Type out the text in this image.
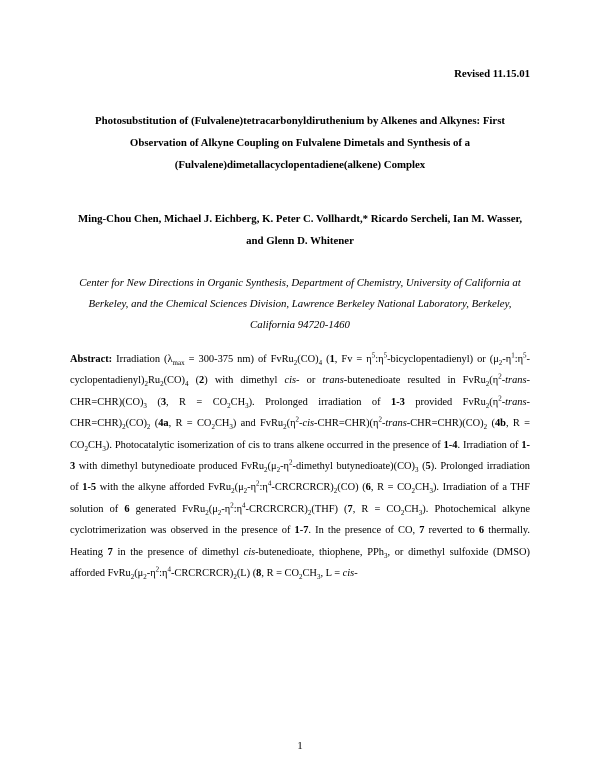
Revised 11.15.01
Photosubstitution of (Fulvalene)tetracarbonyldiruthenium by Alkenes and Alkynes: First Observation of Alkyne Coupling on Fulvalene Dimetals and Synthesis of a (Fulvalene)dimetallacyclopentadiene(alkene) Complex
Ming-Chou Chen, Michael J. Eichberg, K. Peter C. Vollhardt,* Ricardo Sercheli, Ian M. Wasser, and Glenn D. Whitener
Center for New Directions in Organic Synthesis, Department of Chemistry, University of California at Berkeley, and the Chemical Sciences Division, Lawrence Berkeley National Laboratory, Berkeley, California 94720-1460
Abstract: Irradiation ($\lambda_{max} = 300-375$ nm) of $FvRu_2(CO)_4$ (1, $Fv = \eta^5:\eta^5-bicyclopentadienyl$) or $(\mu_2-\eta^1:\eta^5-cyclopentadienyl)_2Ru_2(CO)_4$ (2) with dimethyl cis- or trans-butenedioate resulted in $FvRu_2(\eta^2-trans-CHR=CHR)(CO)_3$ (3, $R = CO_2CH_3$). Prolonged irradiation of 1-3 provided $FvRu_2(\eta^2-trans-CHR=CHR)_2(CO)_2$ (4a, $R = CO_2CH_3$) and $FvRu_2(\eta^2-cis-CHR=CHR)(\eta^2-trans-CHR=CHR)(CO)_2$ (4b, $R = CO_2CH_3$). Photocatalytic isomerization of cis to trans alkene occurred in the presence of 1-4. Irradiation of 1-3 with dimethyl butynedioate produced $FvRu_2(\mu_2-\eta^2$-dimethyl $butynedioate)(CO)_3$ (5). Prolonged irradiation of 1-5 with the alkyne afforded $FvRu_2(\mu_2-\eta^2:\eta^4-CRCRCRCR)_2(CO)$ (6, $R = CO_2CH_3$). Irradiation of a THF solution of 6 generated $FvRu_2(\mu_2-\eta^2:\eta^4-CRCRCRCR)_2(THF)$ (7, $R = CO_2CH_3$). Photochemical alkyne cyclotrimerization was observed in the presence of 1-7. In the presence of CO, 7 reverted to 6 thermally. Heating 7 in the presence of dimethyl cis-butenedioate, thiophene, PPh$_3$, or dimethyl sulfoxide (DMSO) afforded $FvRu_2(\mu_2-\eta^2:\eta^4-CRCRCRCR)_2(L)$ (8, $R = CO_2CH_3$, L = cis-
1
